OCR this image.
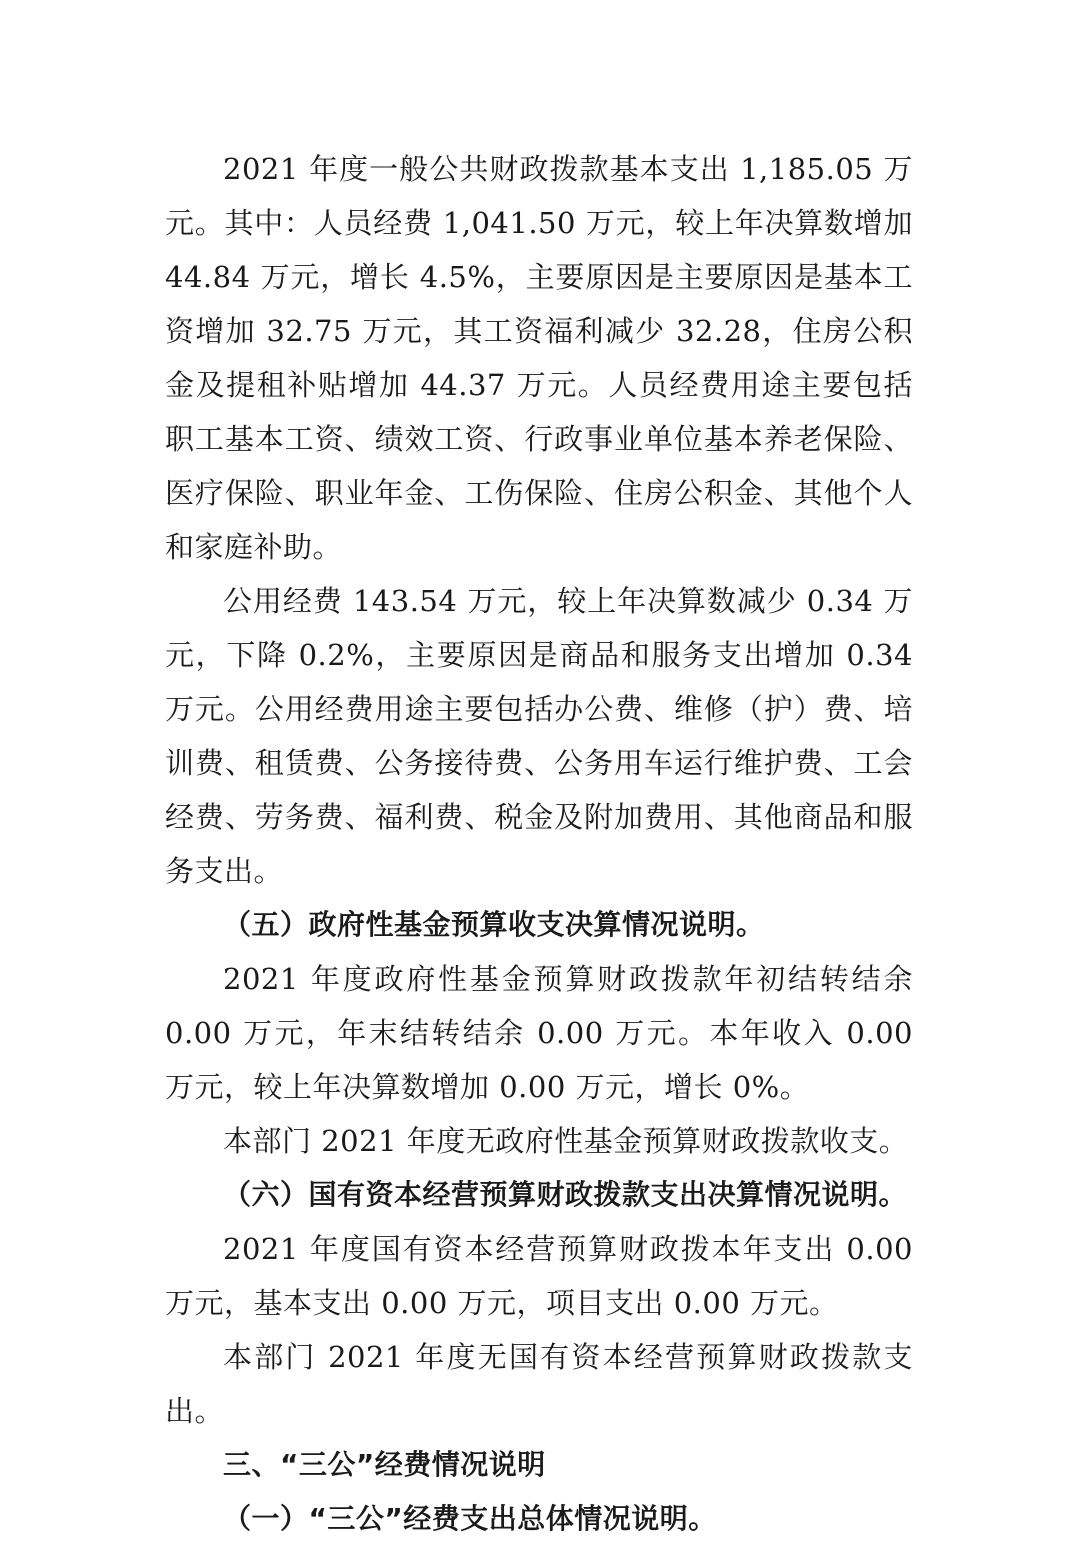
2021 年度一般公共财政拨款基本支出 1,185.05 万元。其中：人员经费 1,041.50 万元，较上年决算数增加 44.84 万元，增长 4.5%，主要原因是主要原因是基本工资增加 32.75 万元，其工资福利减少 32.28，住房公积金及提租补贴增加 44.37 万元。人员经费用途主要包括职工基本工资、绩效工资、行政事业单位基本养老保险、医疗保险、职业年金、工伤保险、住房公积金、其他个人和家庭补助。

公用经费 143.54 万元，较上年决算数减少 0.34 万元，下降 0.2%，主要原因是商品和服务支出增加 0.34 万元。公用经费用途主要包括办公费、维修（护）费、培训费、租赁费、公务接待费、公务用车运行维护费、工会经费、劳务费、福利费、税金及附加费用、其他商品和服务支出。

（五）政府性基金预算收支决算情况说明。

2021 年度政府性基金预算财政拨款年初结转结余 0.00 万元，年末结转结余 0.00 万元。本年收入 0.00 万元，较上年决算数增加 0.00 万元，增长 0%。

本部门 2021 年度无政府性基金预算财政拨款收支。

（六）国有资本经营预算财政拨款支出决算情况说明。

2021 年度国有资本经营预算财政拨本年支出 0.00 万元，基本支出 0.00 万元，项目支出 0.00 万元。

本部门 2021 年度无国有资本经营预算财政拨款支出。

三、“三公”经费情况说明

（一）“三公”经费支出总体情况说明。
